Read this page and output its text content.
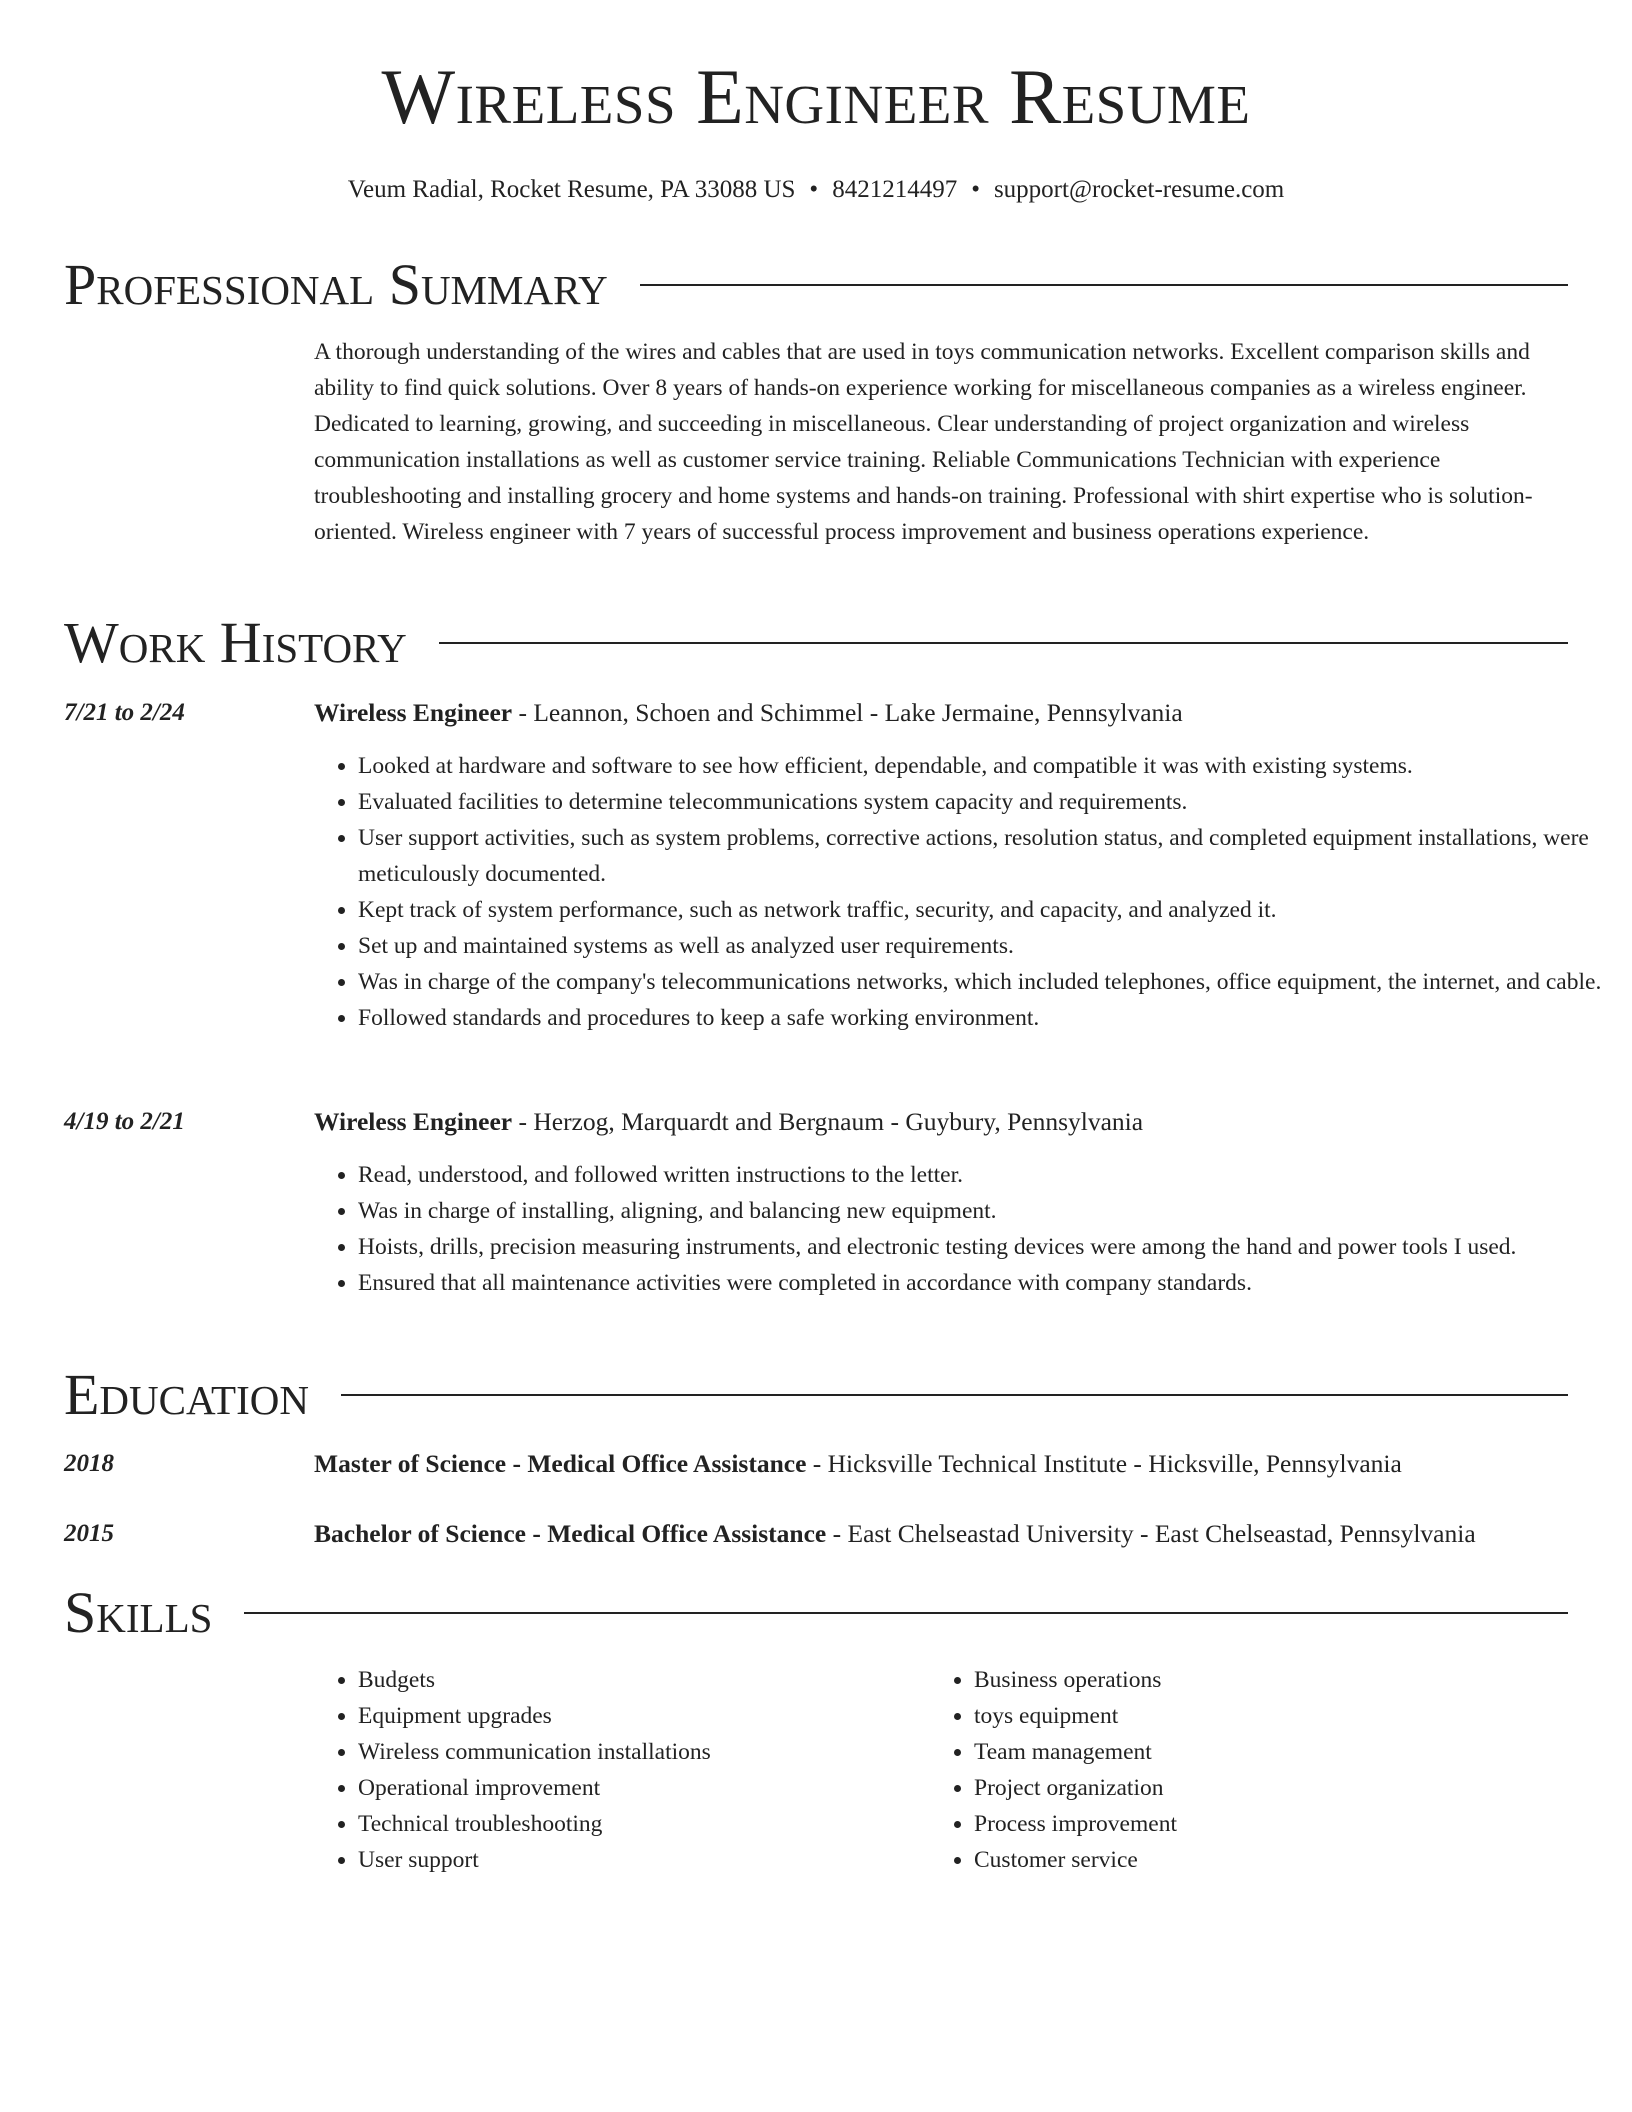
Wireless Engineer Resume
Veum Radial, Rocket Resume, PA 33088 US • 8421214497 • support@rocket-resume.com
Professional Summary

A thorough understanding of the wires and cables that are used in toys communication networks. Excellent comparison skills and ability to find quick solutions. Over 8 years of hands-on experience working for miscellaneous companies as a wireless engineer. Dedicated to learning, growing, and succeeding in miscellaneous. Clear understanding of project organization and wireless communication installations as well as customer service training. Reliable Communications Technician with experience troubleshooting and installing grocery and home systems and hands-on training. Professional with shirt expertise who is solution-oriented. Wireless engineer with 7 years of successful process improvement and business operations experience.

Work History
7/21 to 2/24	Wireless Engineer - Leannon, Schoen and Schimmel - Lake Jermaine, Pennsylvania
• Looked at hardware and software to see how efficient, dependable, and compatible it was with existing systems.
• Evaluated facilities to determine telecommunications system capacity and requirements.
• User support activities, such as system problems, corrective actions, resolution status, and completed equipment installations, were meticulously documented.
• Kept track of system performance, such as network traffic, security, and capacity, and analyzed it.
• Set up and maintained systems as well as analyzed user requirements.
• Was in charge of the company's telecommunications networks, which included telephones, office equipment, the internet, and cable.
• Followed standards and procedures to keep a safe working environment.
4/19 to 2/21	Wireless Engineer - Herzog, Marquardt and Bergnaum - Guybury, Pennsylvania
• Read, understood, and followed written instructions to the letter.
• Was in charge of installing, aligning, and balancing new equipment.
• Hoists, drills, precision measuring instruments, and electronic testing devices were among the hand and power tools I used.
• Ensured that all maintenance activities were completed in accordance with company standards.
Education
2018	Master of Science - Medical Office Assistance - Hicksville Technical Institute - Hicksville, Pennsylvania
2015	Bachelor of Science - Medical Office Assistance - East Chelseastad University - East Chelseastad, Pennsylvania
Skills
• Budgets
• Equipment upgrades
• Wireless communication installations
• Operational improvement
• Technical troubleshooting
• User support
• Business operations
• toys equipment
• Team management
• Project organization
• Process improvement
• Customer service
